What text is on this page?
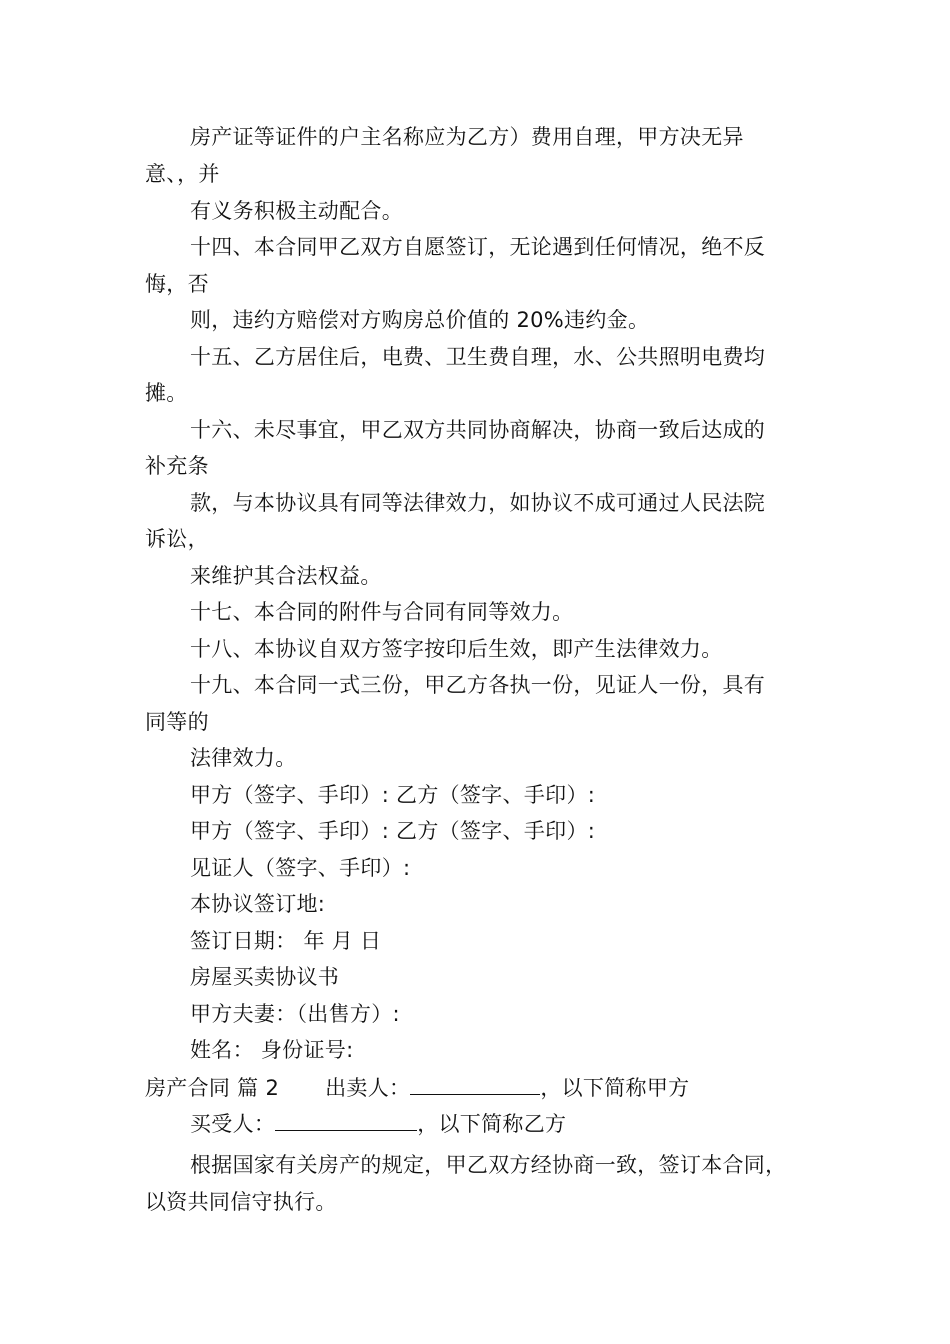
房产证等证件的户主名称应为乙方）费用自理，甲方决无异
意、，并
有义务积极主动配合。
十四、本合同甲乙双方自愿签订，无论遇到任何情况，绝不反
悔，否
则，违约方赔偿对方购房总价值的 20%违约金。
十五、乙方居住后，电费、卫生费自理，水、公共照明电费均
摊。
十六、未尽事宜，甲乙双方共同协商解决，协商一致后达成的
补充条
款，与本协议具有同等法律效力，如协议不成可通过人民法院
诉讼，
来维护其合法权益。
十七、本合同的附件与合同有同等效力。
十八、本协议自双方签字按印后生效，即产生法律效力。
十九、本合同一式三份，甲乙方各执一份，见证人一份，具有
同等的
法律效力。
甲方（签字、手印）: 乙方（签字、手印）:
甲方（签字、手印）: 乙方（签字、手印）:
见证人（签字、手印）:
本协议签订地:
签订日期： 年 月 日
房屋买卖协议书
甲方夫妻：（出售方）:
姓名： 身份证号:
房产合同 篇 2 出卖人：	，以下简称甲方
买受人：	，以下简称乙方
根据国家有关房产的规定，甲乙双方经协商一致，签订本合同，
以资共同信守执行。
